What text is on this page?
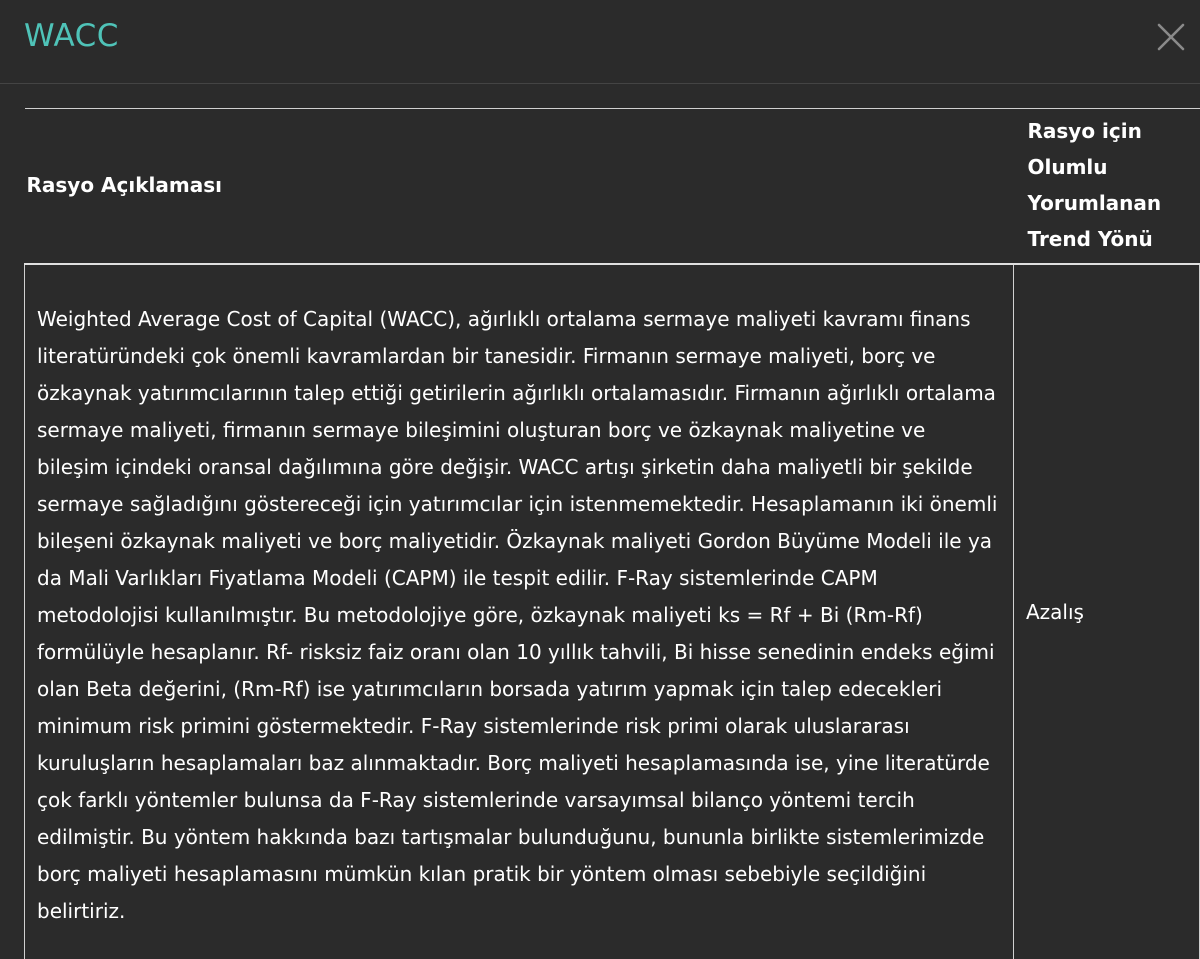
WACC
Rasyo Açıklaması	Rasyo için Olumlu Yorumlanan Trend Yönü
Weighted Average Cost of Capital (WACC), ağırlıklı ortalama sermaye maliyeti kavramı finans literatüründeki çok önemli kavramlardan bir tanesidir. Firmanın sermaye maliyeti, borç ve özkaynak yatırımcılarının talep ettiği getirilerin ağırlıklı ortalamasıdır. Firmanın ağırlıklı ortalama sermaye maliyeti, firmanın sermaye bileşimini oluşturan borç ve özkaynak maliyetine ve bileşim içindeki oransal dağılımına göre değişir. WACC artışı şirketin daha maliyetli bir şekilde sermaye sağladığını göstereceği için yatırımcılar için istenmemektedir. Hesaplamanın iki önemli bileşeni özkaynak maliyeti ve borç maliyetidir. Özkaynak maliyeti Gordon Büyüme Modeli ile ya da Mali Varlıkları Fiyatlama Modeli (CAPM) ile tespit edilir. F-Ray sistemlerinde CAPM metodolojisi kullanılmıştır. Bu metodolojiye göre, özkaynak maliyeti ks = Rf + Bi (Rm-Rf) formülüyle hesaplanır. Rf- risksiz faiz oranı olan 10 yıllık tahvili, Bi hisse senedinin endeks eğimi olan Beta değerini, (Rm-Rf) ise yatırımcıların borsada yatırım yapmak için talep edecekleri minimum risk primini göstermektedir. F-Ray sistemlerinde risk primi olarak uluslararası kuruluşların hesaplamaları baz alınmaktadır. Borç maliyeti hesaplamasında ise, yine literatürde çok farklı yöntemler bulunsa da F-Ray sistemlerinde varsayımsal bilanço yöntemi tercih edilmiştir. Bu yöntem hakkında bazı tartışmalar bulunduğunu, bununla birlikte sistemlerimizde borç maliyeti hesaplamasını mümkün kılan pratik bir yöntem olması sebebiyle seçildiğini belirtiriz.	Azalış
